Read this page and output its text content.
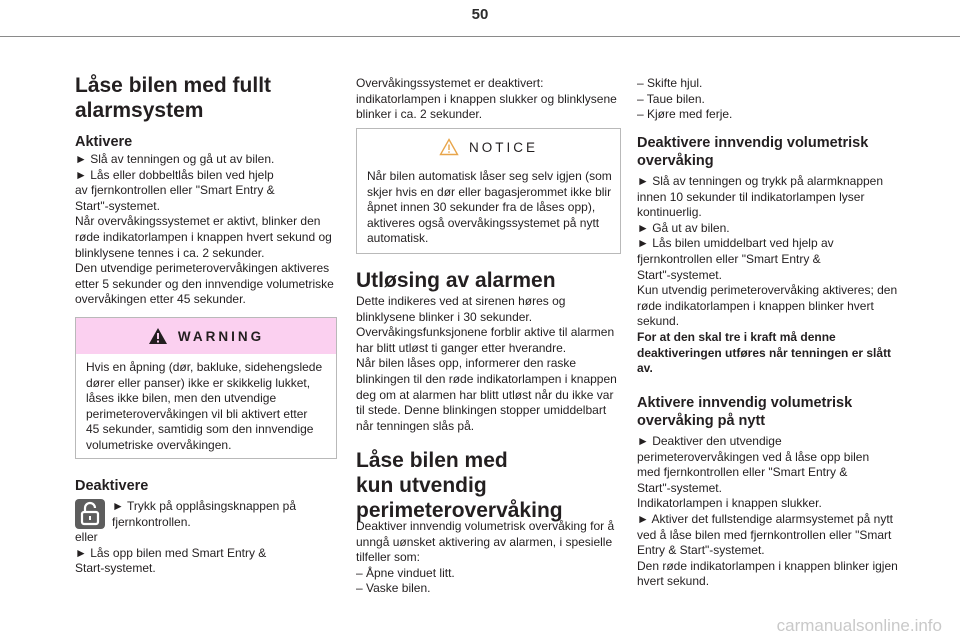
50
Låse bilen med fullt
alarmsystem
Aktivere
► Slå av tenningen og gå ut av bilen.
► Lås eller dobbeltlås bilen ved hjelp
av fjernkontrollen eller "Smart Entry &
Start"-systemet.
Når overvåkingssystemet er aktivt, blinker den
røde indikatorlampen i knappen hvert sekund og
blinklysene tennes i ca. 2 sekunder.
Den utvendige perimeterovervåkingen aktiveres
etter 5 sekunder og den innvendige volumetriske
overvåkingen etter 45 sekunder.
WARNING
Hvis en åpning (dør, bakluke, sidehengslede
dører eller panser) ikke er skikkelig lukket,
låses ikke bilen, men den utvendige
perimeterovervåkingen vil bli aktivert etter
45 sekunder, samtidig som den innvendige
volumetriske overvåkingen.
Deaktivere
► Trykk på opplåsingsknappen på
fjernkontrollen.
eller
► Lås opp bilen med Smart Entry &
Start-systemet.
Overvåkingssystemet er deaktivert:
indikatorlampen i knappen slukker og blinklysene
blinker i ca. 2 sekunder.
NOTICE
Når bilen automatisk låser seg selv igjen (som
skjer hvis en dør eller bagasjerommet ikke blir
åpnet innen 30 sekunder fra de låses opp),
aktiveres også overvåkingssystemet på nytt
automatisk.
Utløsing av alarmen
Dette indikeres ved at sirenen høres og
blinklysene blinker i 30 sekunder.
Overvåkingsfunksjonene forblir aktive til alarmen
har blitt utløst ti ganger etter hverandre.
Når bilen låses opp, informerer den raske
blinkingen til den røde indikatorlampen i knappen
deg om at alarmen har blitt utløst når du ikke var
til stede. Denne blinkingen stopper umiddelbart
når tenningen slås på.
Låse bilen med
kun utvendig
perimeterovervåking
Deaktiver innvendig volumetrisk overvåking for å
unngå uønsket aktivering av alarmen, i spesielle
tilfeller som:
– Åpne vinduet litt.
– Vaske bilen.
– Skifte hjul.
– Taue bilen.
– Kjøre med ferje.
Deaktivere innvendig volumetrisk
overvåking
► Slå av tenningen og trykk på alarmknappen
innen 10 sekunder til indikatorlampen lyser
kontinuerlig.
► Gå ut av bilen.
► Lås bilen umiddelbart ved hjelp av
fjernkontrollen eller "Smart Entry &
Start"-systemet.
Kun utvendig perimeterovervåking aktiveres; den
røde indikatorlampen i knappen blinker hvert
sekund.
For at den skal tre i kraft må denne
deaktiveringen utføres når tenningen er slått
av.
Aktivere innvendig volumetrisk
overvåking på nytt
► Deaktiver den utvendige
perimeterovervåkingen ved å låse opp bilen
med fjernkontrollen eller "Smart Entry &
Start"-systemet.
Indikatorlampen i knappen slukker.
► Aktiver det fullstendige alarmsystemet på nytt
ved å låse bilen med fjernkontrollen eller "Smart
Entry & Start"-systemet.
Den røde indikatorlampen i knappen blinker igjen
hvert sekund.
carmanualsonline.info
